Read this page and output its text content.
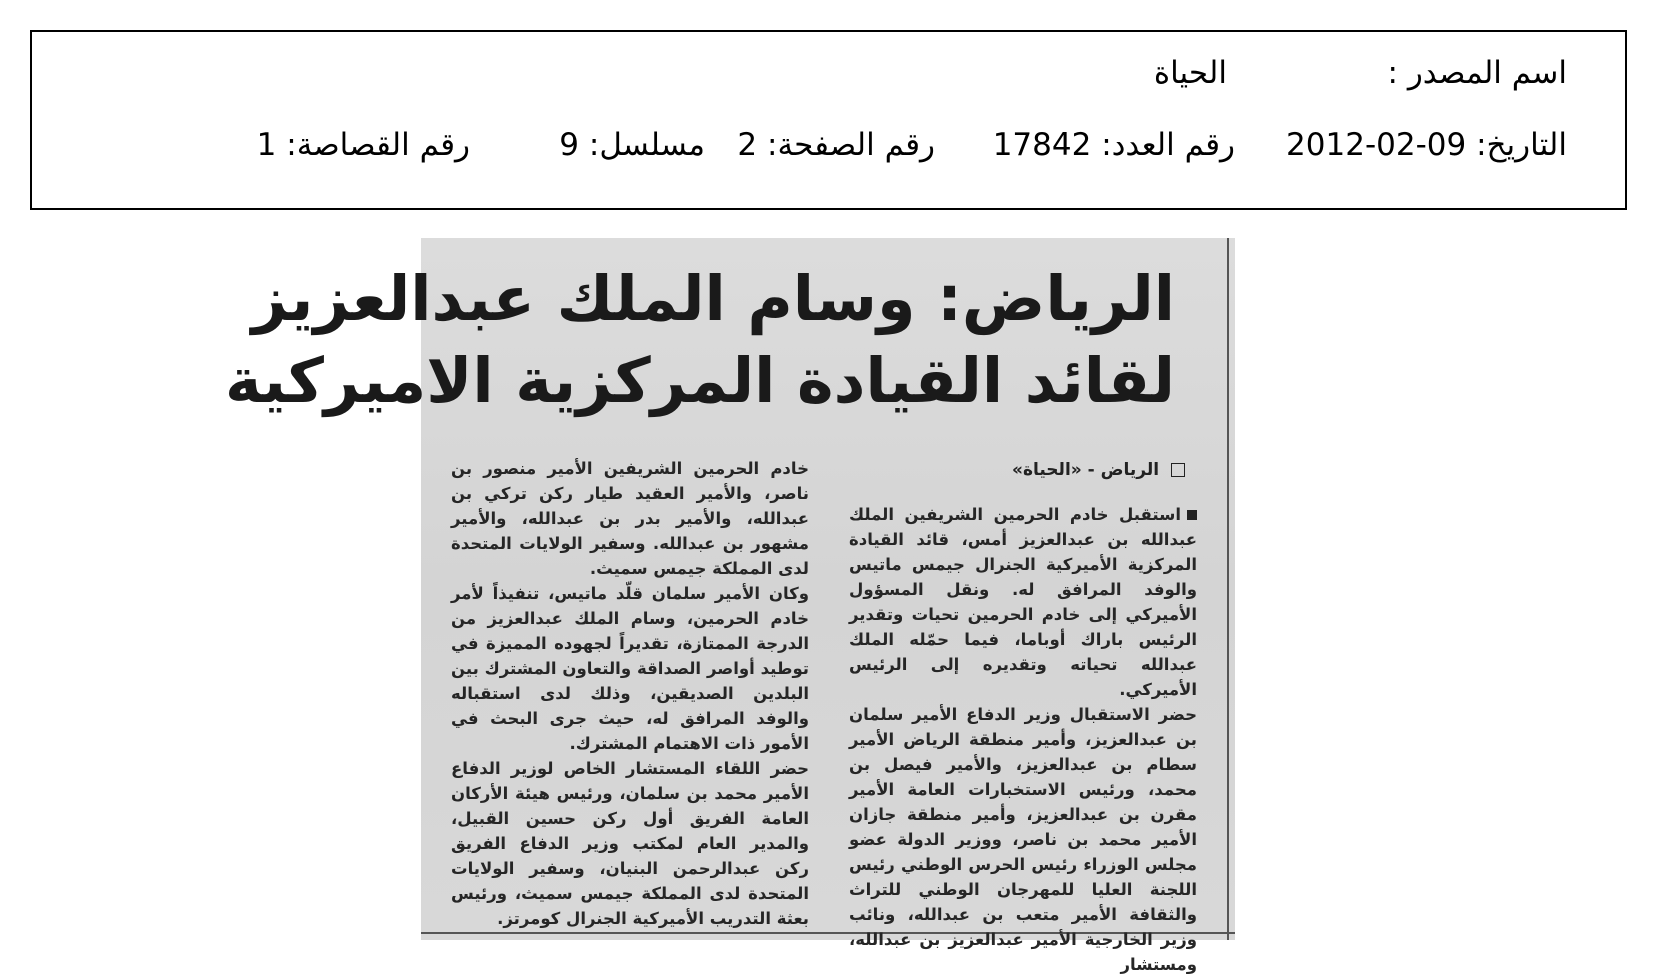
اسم المصدر :
الحياة
التاريخ: 2012-02-09
رقم العدد: 17842
رقم الصفحة: 2
مسلسل: 9
رقم القصاصة: 1
الرياض: وسام الملك عبدالعزيز
لقائد القيادة المركزية الاميركية
الرياض - «الحياة»

استقبل خادم الحرمين الشريفين الملك عبدالله بن عبدالعزيز أمس، قائد القيادة المركزية الأميركية الجنرال جيمس ماتيس والوفد المرافق له. ونقل المسؤول الأميركي إلى خادم الحرمين تحيات وتقدير الرئيس باراك أوباما، فيما حمّله الملك عبدالله تحياته وتقديره إلى الرئيس الأميركي.

حضر الاستقبال وزير الدفاع الأمير سلمان بن عبدالعزيز، وأمير منطقة الرياض الأمير سطام بن عبدالعزيز، والأمير فيصل بن محمد، ورئيس الاستخبارات العامة الأمير مقرن بن عبدالعزيز، وأمير منطقة جازان الأمير محمد بن ناصر، ووزير الدولة عضو مجلس الوزراء رئيس الحرس الوطني رئيس اللجنة العليا للمهرجان الوطني للتراث والثقافة الأمير متعب بن عبدالله، ونائب وزير الخارجية الأمير عبدالعزيز بن عبدالله، ومستشار

خادم الحرمين الشريفين الأمير منصور بن ناصر، والأمير العقيد طيار ركن تركي بن عبدالله، والأمير بدر بن عبدالله، والأمير مشهور بن عبدالله. وسفير الولايات المتحدة لدى المملكة جيمس سميث.

وكان الأمير سلمان قلّد ماتيس، تنفيذاً لأمر خادم الحرمين، وسام الملك عبدالعزيز من الدرجة الممتازة، تقديراً لجهوده المميزة في توطيد أواصر الصداقة والتعاون المشترك بين البلدين الصديقين، وذلك لدى استقباله والوفد المرافق له، حيث جرى البحث في الأمور ذات الاهتمام المشترك.

حضر اللقاء المستشار الخاص لوزير الدفاع الأمير محمد بن سلمان، ورئيس هيئة الأركان العامة الفريق أول ركن حسين القبيل، والمدير العام لمكتب وزير الدفاع الفريق ركن عبدالرحمن البنيان، وسفير الولايات المتحدة لدى المملكة جيمس سميث، ورئيس بعثة التدريب الأميركية الجنرال كومرتز.
